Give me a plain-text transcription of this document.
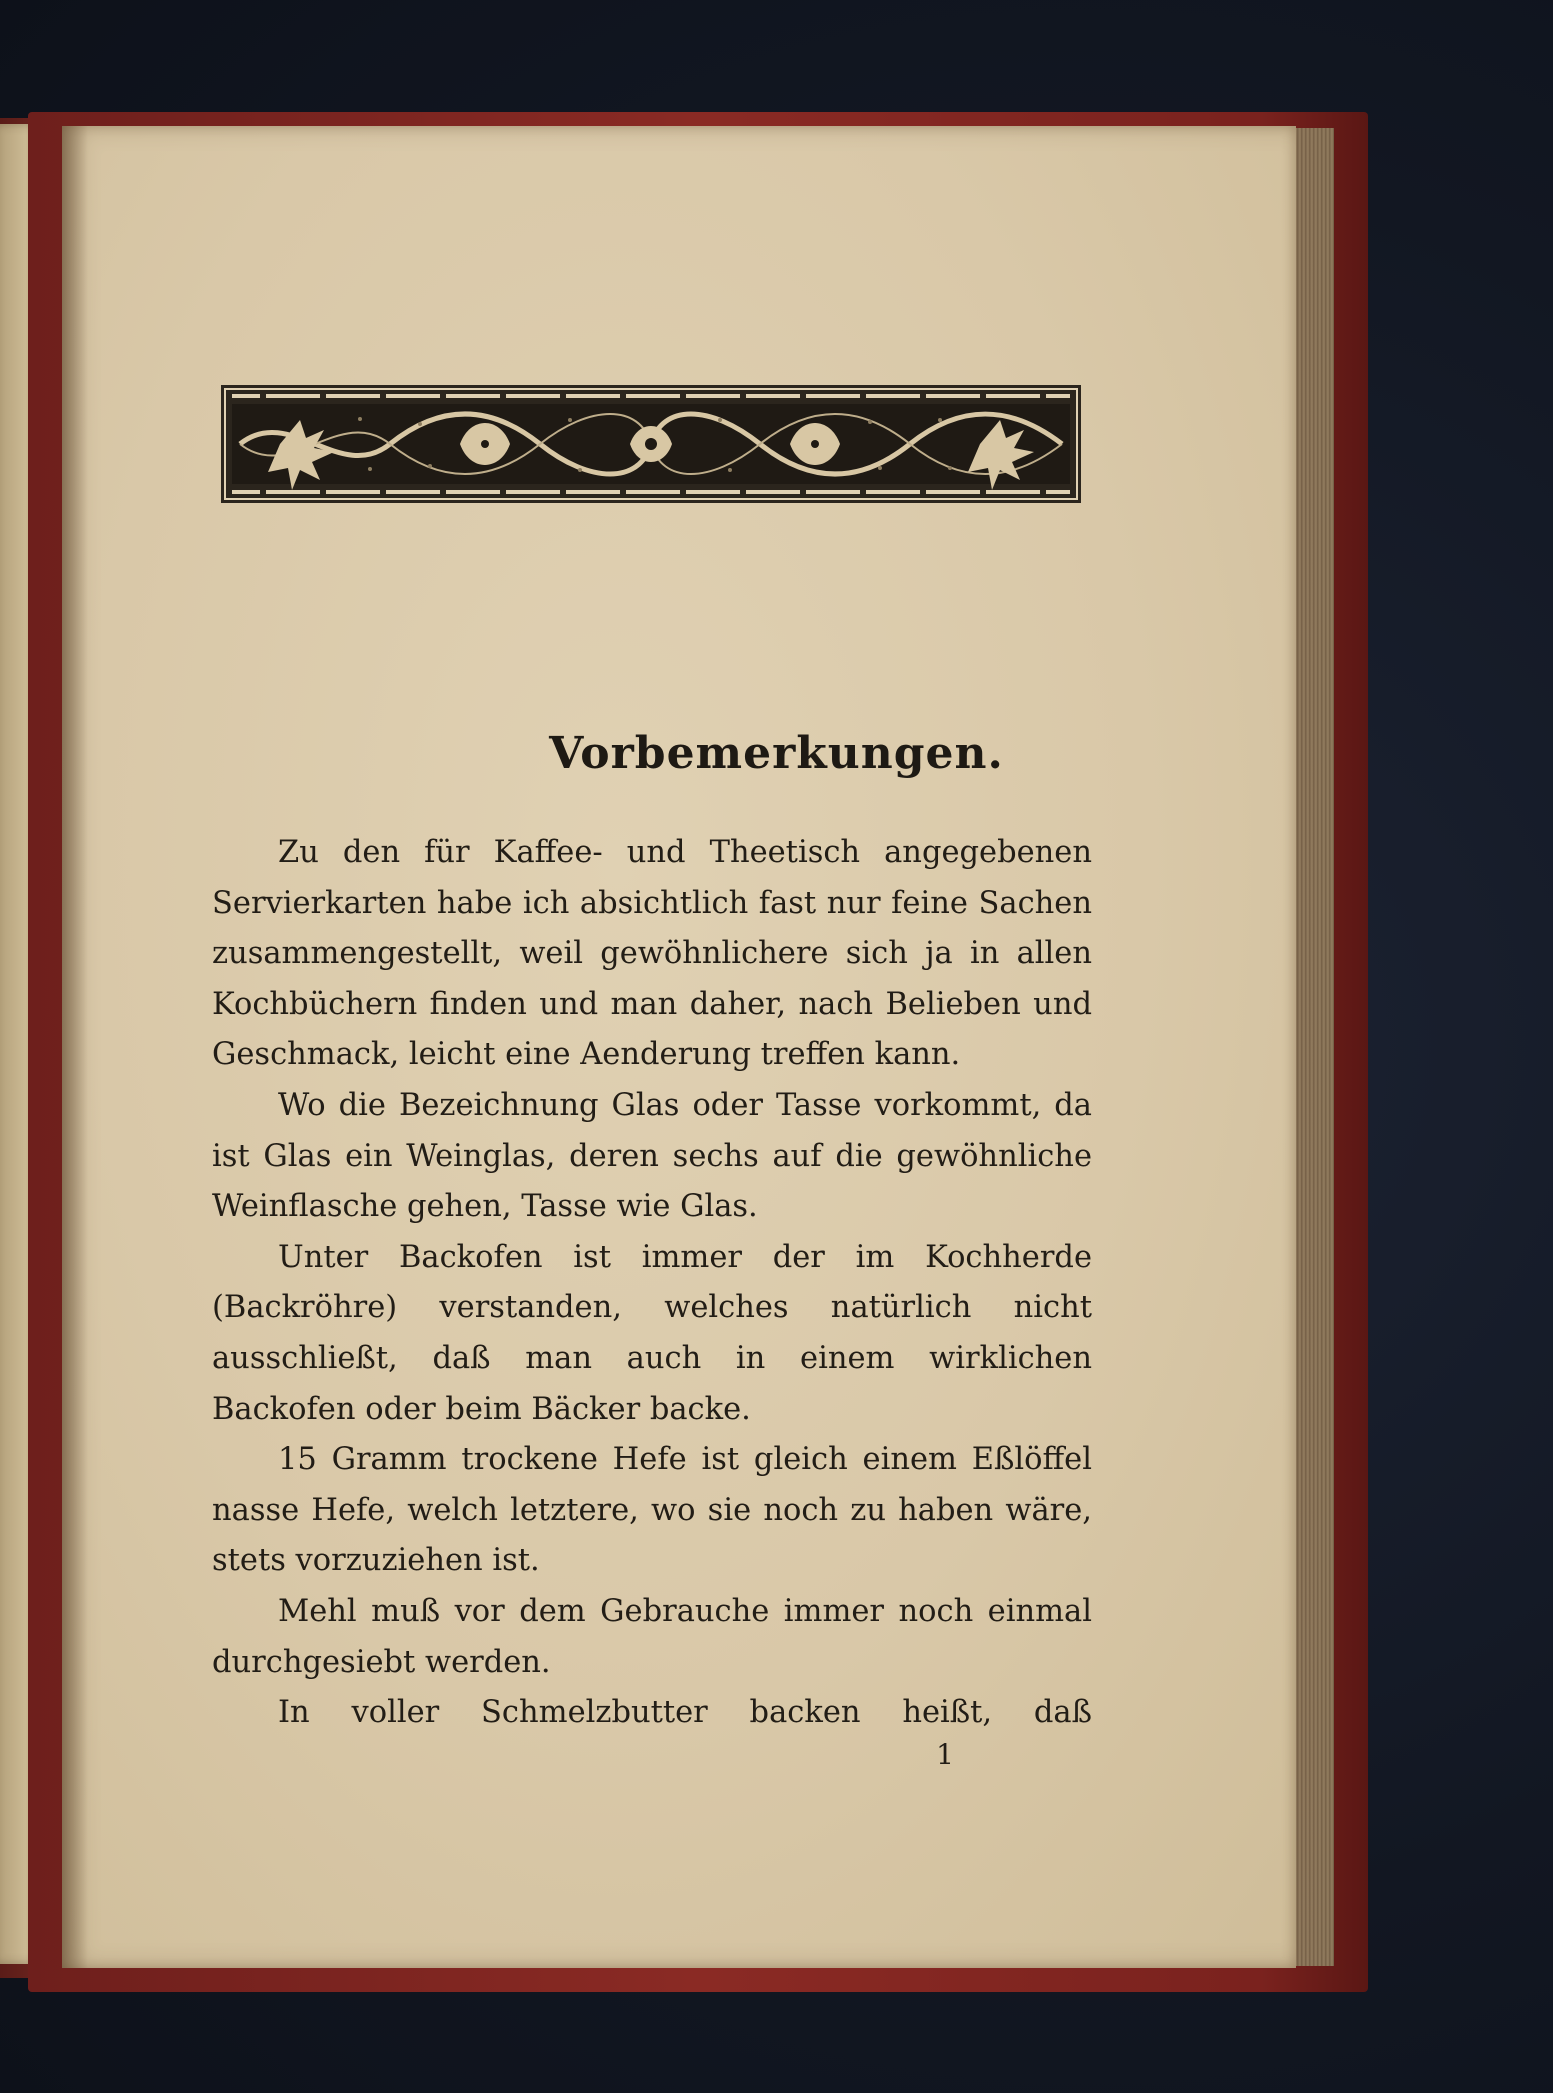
Vorbemerkungen.

Zu den für Kaffee- und Theetisch angegebenen Servierkarten habe ich absichtlich fast nur feine Sachen zusammengestellt, weil gewöhnlichere sich ja in allen Kochbüchern finden und man daher, nach Belieben und Geschmack, leicht eine Aenderung treffen kann.

Wo die Bezeichnung Glas oder Tasse vorkommt, da ist Glas ein Weinglas, deren sechs auf die gewöhnliche Weinflasche gehen, Tasse wie Glas.

Unter Backofen ist immer der im Kochherde (Backröhre) verstanden, welches natürlich nicht ausschließt, daß man auch in einem wirklichen Backofen oder beim Bäcker backe.

15 Gramm trockene Hefe ist gleich einem Eßlöffel nasse Hefe, welch letztere, wo sie noch zu haben wäre, stets vorzuziehen ist.

Mehl muß vor dem Gebrauche immer noch einmal durchgesiebt werden.

In voller Schmelzbutter backen heißt, daß

1
